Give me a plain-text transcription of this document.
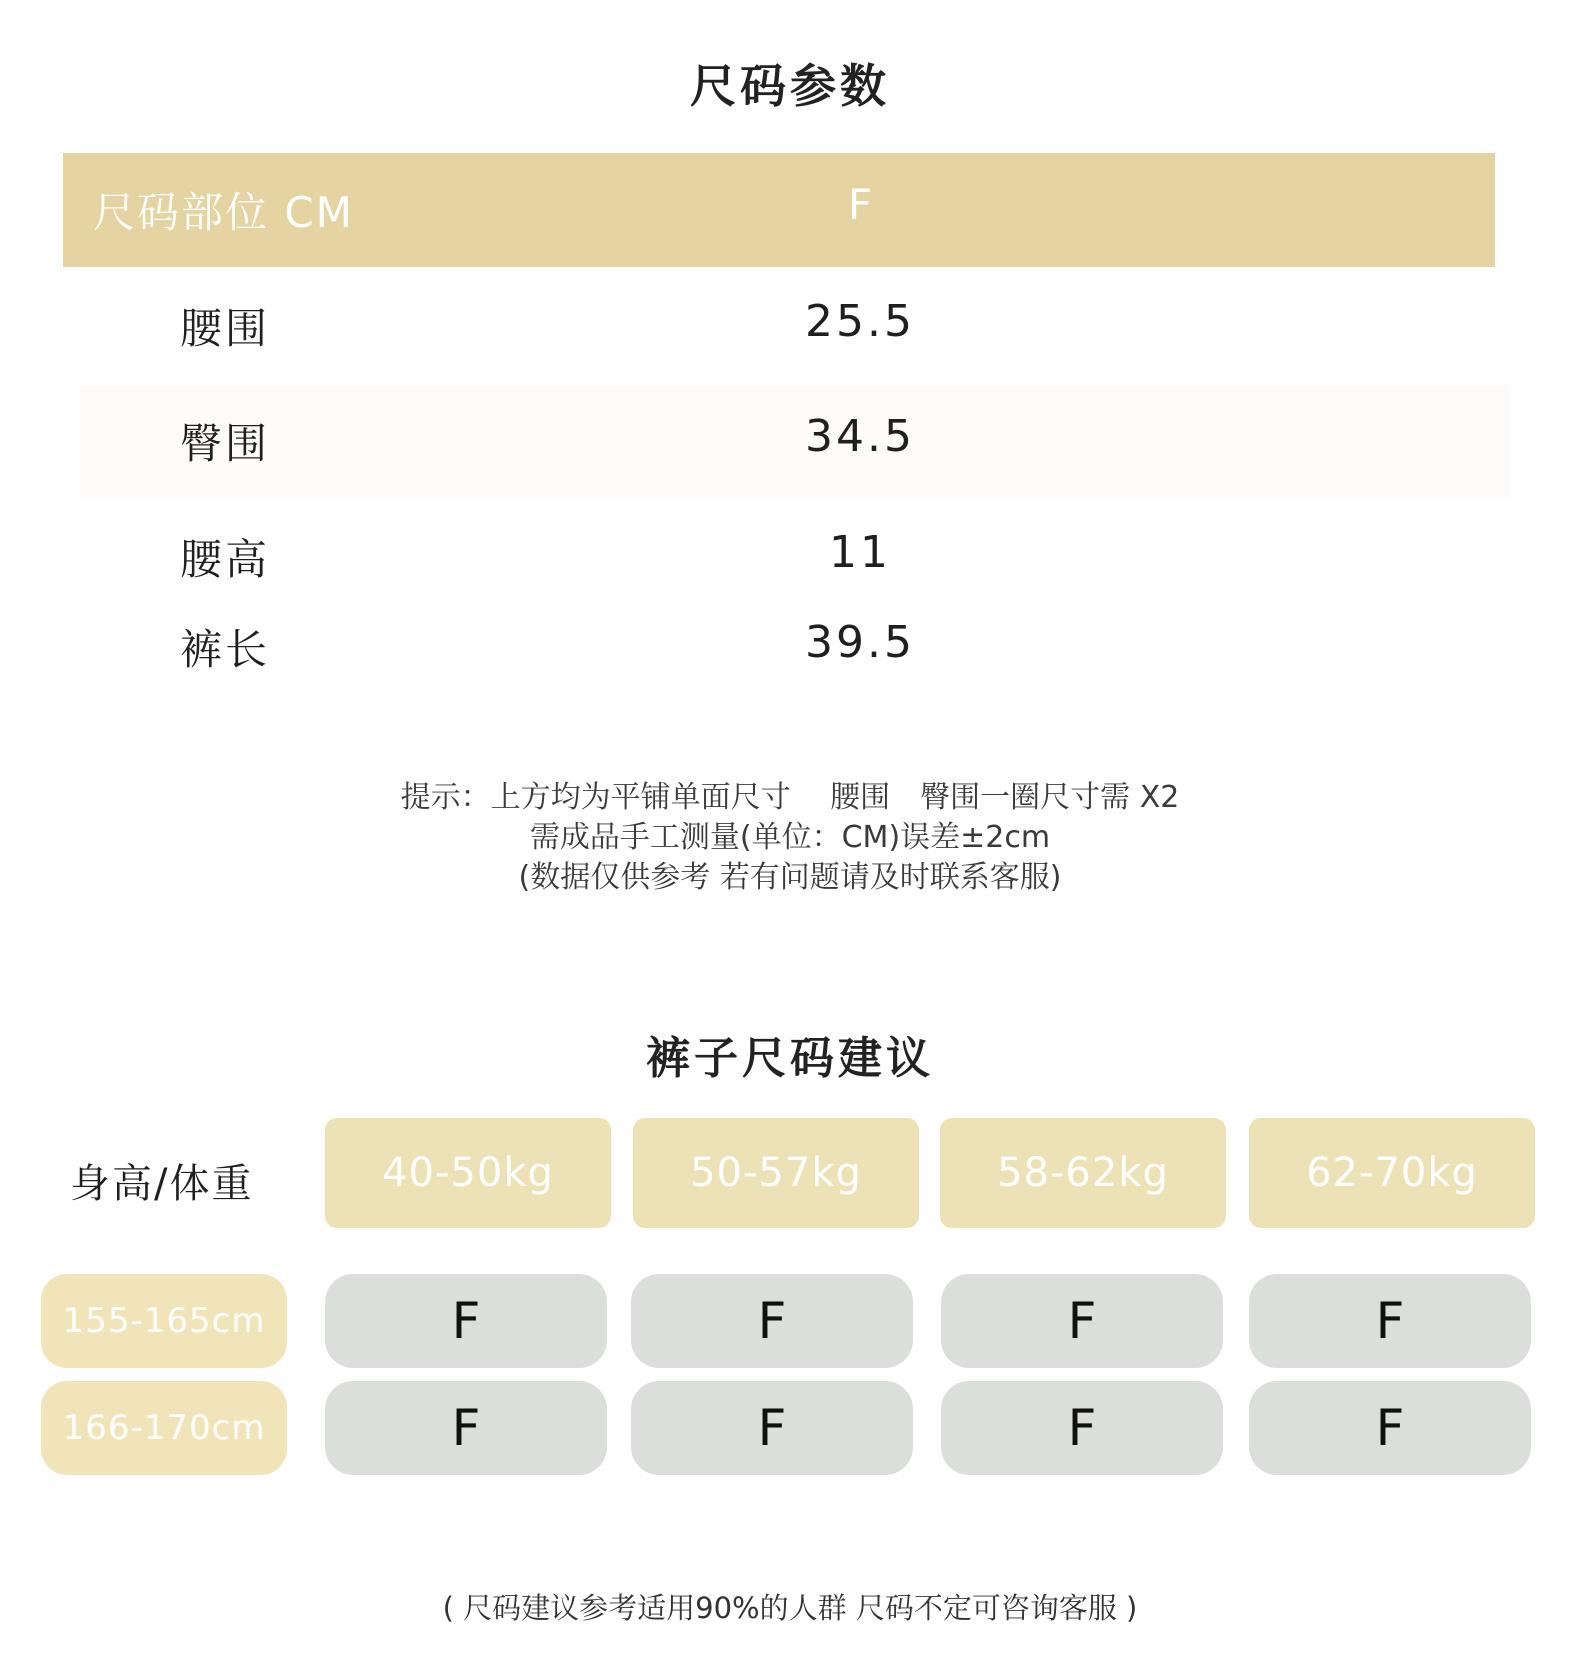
尺码参数
尺码部位 CM	F
腰围	25.5
臀围	34.5
腰高	11
裤长	39.5
提示：上方均为平铺单面尺寸　 腰围　臀围一圈尺寸需 X2
需成品手工测量(单位：CM)误差±2cm
(数据仅供参考 若有问题请及时联系客服)
裤子尺码建议
身高/体重	40-50kg	50-57kg	58-62kg	62-70kg
155-165cm	F	F	F	F
166-170cm	F	F	F	F
( 尺码建议参考适用90%的人群 尺码不定可咨询客服 )
